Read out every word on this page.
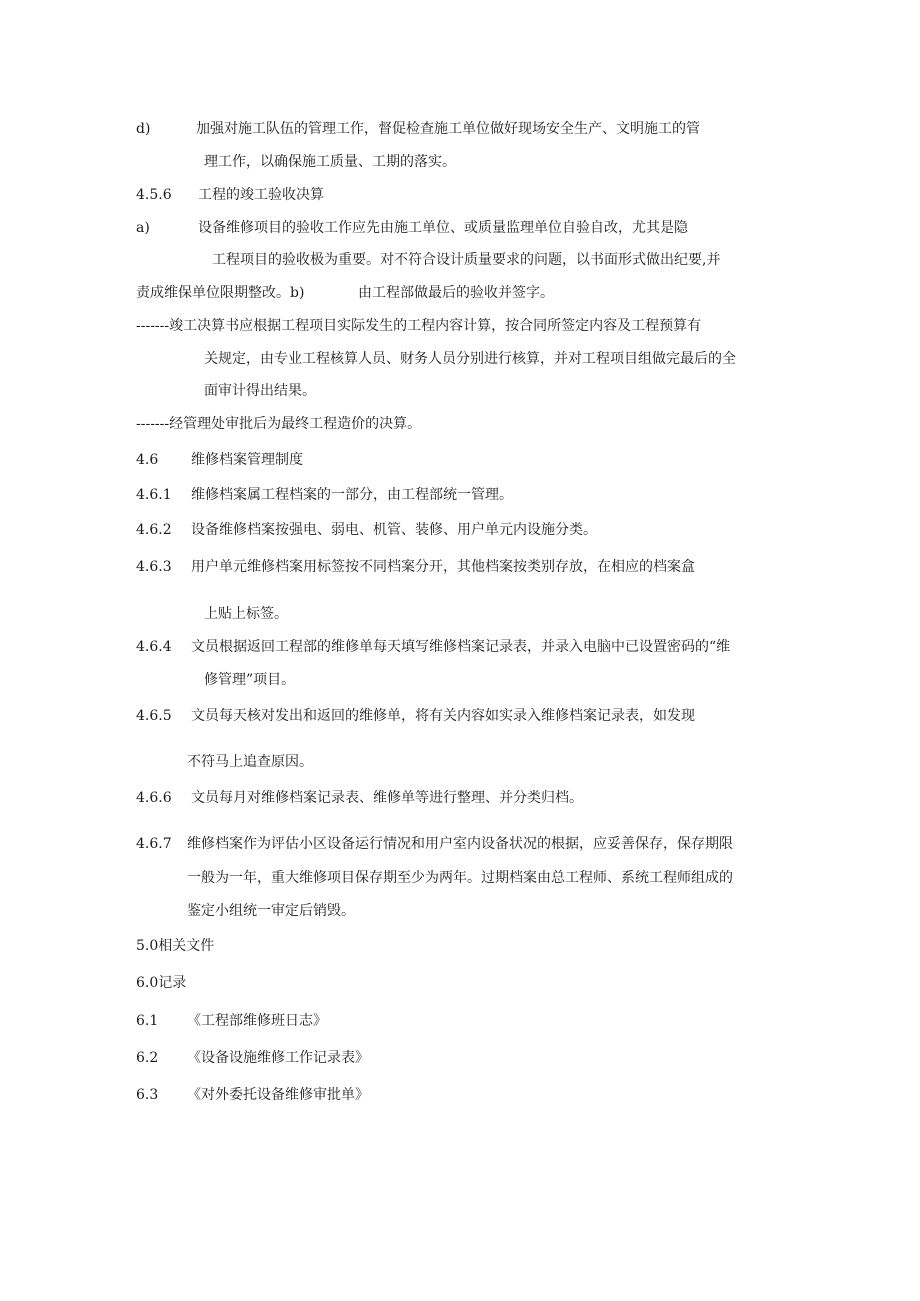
d)	加强对施工队伍的管理工作，督促检查施工单位做好现场安全生产、文明施工的管
理工作，以确保施工质量、工期的落实。
4.5.6 工程的竣工验收决算
a)	设备维修项目的验收工作应先由施工单位、或质量监理单位自验自改，尤其是隐
工程项目的验收极为重要。对不符合设计质量要求的问题，以书面形式做出纪要,并
责成维保单位限期整改。b)	由工程部做最后的验收并签字。
-------竣工决算书应根据工程项目实际发生的工程内容计算，按合同所签定内容及工程预算有
关规定，由专业工程核算人员、财务人员分别进行核算，并对工程项目组做完最后的全
面审计得出结果。
-------经管理处审批后为最终工程造价的决算。
4.6 维修档案管理制度
4.6.1 维修档案属工程档案的一部分，由工程部统一管理。
4.6.2 设备维修档案按强电、弱电、机管、装修、用户单元内设施分类。
4.6.3 用户单元维修档案用标签按不同档案分开，其他档案按类别存放，在相应的档案盒
上贴上标签。
4.6.4 文员根据返回工程部的维修单每天填写维修档案记录表，并录入电脑中已设置密码的“维
修管理”项目。
4.6.5 文员每天核对发出和返回的维修单，将有关内容如实录入维修档案记录表，如发现
不符马上追查原因。
4.6.6 文员每月对维修档案记录表、维修单等进行整理、并分类归档。
4.6.7 维修档案作为评估小区设备运行情况和用户室内设备状况的根据，应妥善保存，保存期限
一般为一年，重大维修项目保存期至少为两年。过期档案由总工程师、系统工程师组成的
鉴定小组统一审定后销毁。
5.0相关文件
6.0记录
6.1 《工程部维修班日志》
6.2 《设备设施维修工作记录表》
6.3 《对外委托设备维修审批单》
